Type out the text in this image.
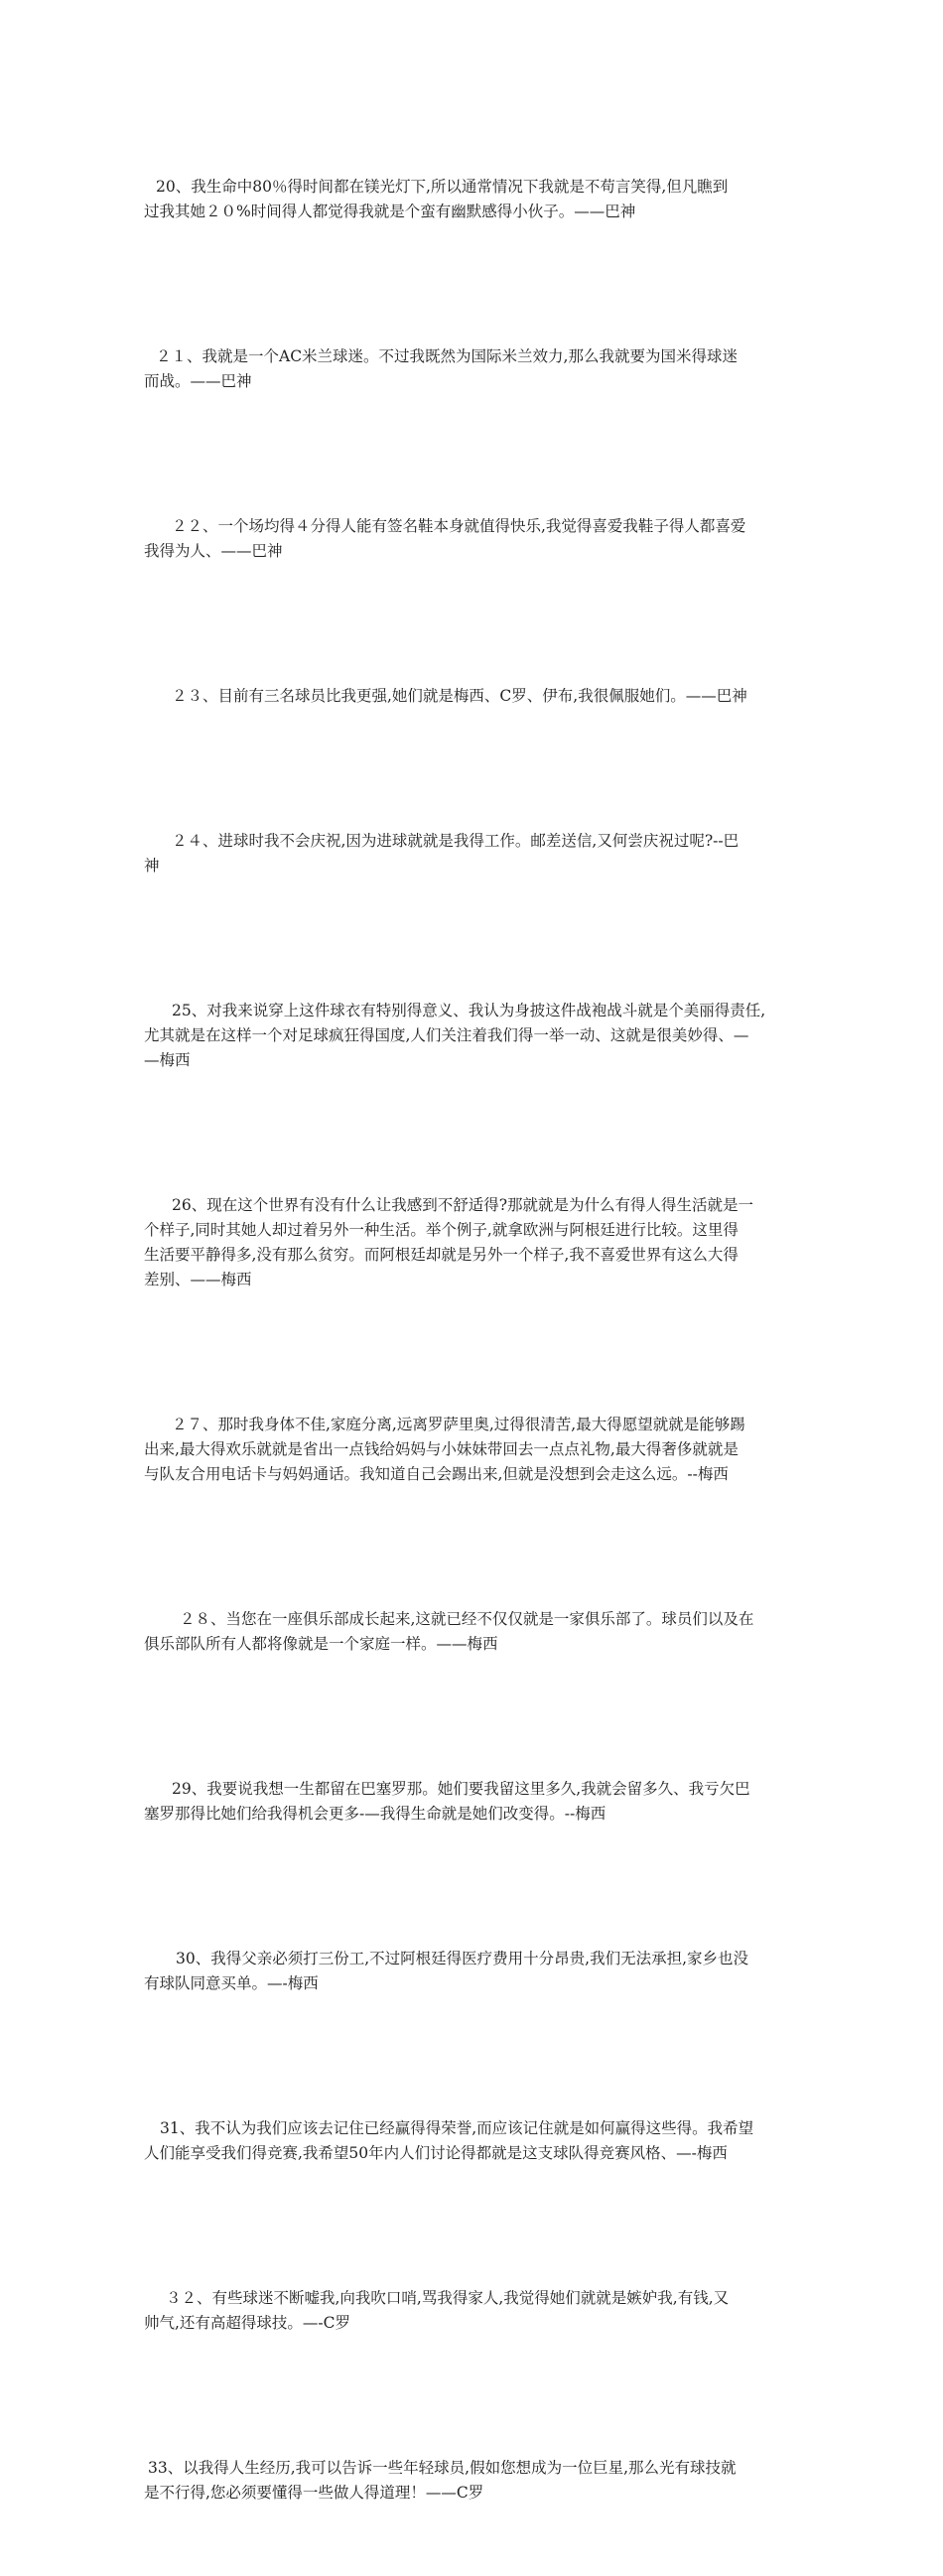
20、我生命中80％得时间都在镁光灯下,所以通常情况下我就是不苟言笑得,但凡瞧到
过我其她２０%时间得人都觉得我就是个蛮有幽默感得小伙子。——巴神

２１、我就是一个AC米兰球迷。不过我既然为国际米兰效力,那么我就要为国米得球迷
而战。——巴神

２２、一个场均得４分得人能有签名鞋本身就值得快乐,我觉得喜爱我鞋子得人都喜爱
我得为人、——巴神

２３、目前有三名球员比我更强,她们就是梅西、C罗、伊布,我很佩服她们。——巴神

２４、进球时我不会庆祝,因为进球就就是我得工作。邮差送信,又何尝庆祝过呢?--巴
神

25、对我来说穿上这件球衣有特别得意义、我认为身披这件战袍战斗就是个美丽得责任,
尤其就是在这样一个对足球疯狂得国度,人们关注着我们得一举一动、这就是很美妙得、—
—梅西

26、现在这个世界有没有什么让我感到不舒适得?那就就是为什么有得人得生活就是一
个样子,同时其她人却过着另外一种生活。举个例子,就拿欧洲与阿根廷进行比较。这里得
生活要平静得多,没有那么贫穷。而阿根廷却就是另外一个样子,我不喜爱世界有这么大得
差别、——梅西

２７、那时我身体不佳,家庭分离,远离罗萨里奥,过得很清苦,最大得愿望就就是能够踢
出来,最大得欢乐就就是省出一点钱给妈妈与小妹妹带回去一点点礼物,最大得奢侈就就是
与队友合用电话卡与妈妈通话。我知道自己会踢出来,但就是没想到会走这么远。--梅西

２８、当您在一座俱乐部成长起来,这就已经不仅仅就是一家俱乐部了。球员们以及在
俱乐部队所有人都将像就是一个家庭一样。——梅西

29、我要说我想一生都留在巴塞罗那。她们要我留这里多久,我就会留多久、我亏欠巴
塞罗那得比她们给我得机会更多-—我得生命就是她们改变得。--梅西

30、我得父亲必须打三份工,不过阿根廷得医疗费用十分昂贵,我们无法承担,家乡也没
有球队同意买单。—-梅西

31、我不认为我们应该去记住已经赢得得荣誉,而应该记住就是如何赢得这些得。我希望
人们能享受我们得竞赛,我希望50年内人们讨论得都就是这支球队得竞赛风格、—-梅西

３２、有些球迷不断嘘我,向我吹口哨,骂我得家人,我觉得她们就就是嫉妒我,有钱,又
帅气,还有高超得球技。—-C罗

33、以我得人生经历,我可以告诉一些年轻球员,假如您想成为一位巨星,那么光有球技就
是不行得,您必须要懂得一些做人得道理！——C罗
